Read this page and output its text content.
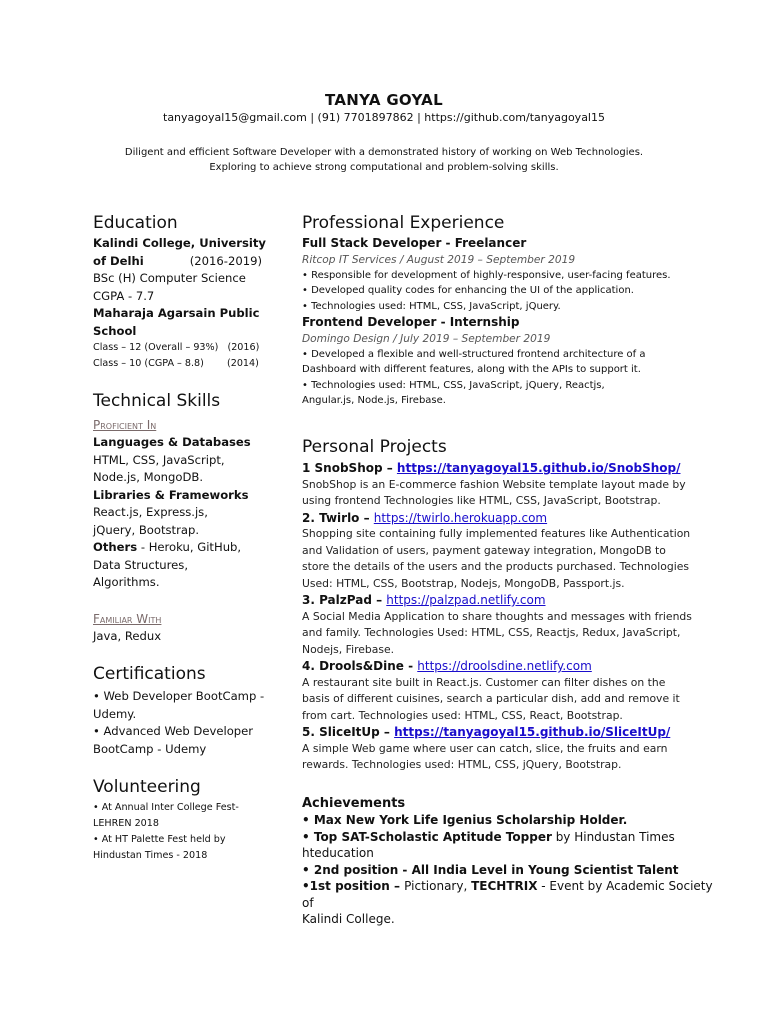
TANYA GOYAL
tanyagoyal15@gmail.com | (91) 7701897862 | https://github.com/tanyagoyal15
Diligent and efficient Software Developer with a demonstrated history of working on Web Technologies.
Exploring to achieve strong computational and problem-solving skills.
Education
Kalindi College, University
of Delhi	(2016-2019)
BSc (H) Computer Science
CGPA - 7.7
Maharaja Agarsain Public
School
Class – 12 (Overall – 93%) (2016)
Class – 10 (CGPA – 8.8) (2014)
Technical Skills
Proficient In
Languages & Databases
HTML, CSS, JavaScript,
Node.js, MongoDB.
Libraries & Frameworks
React.js, Express.js,
jQuery, Bootstrap.
Others - Heroku, GitHub,
Data Structures,
Algorithms.
Familiar With
Java, Redux
Certifications
• Web Developer BootCamp -
Udemy.
• Advanced Web Developer
BootCamp - Udemy
Volunteering
• At Annual Inter College Fest-
LEHREN 2018
• At HT Palette Fest held by
Hindustan Times - 2018
Professional Experience
Full Stack Developer - Freelancer
Ritcop IT Services / August 2019 – September 2019
• Responsible for development of highly-responsive, user-facing features.
• Developed quality codes for enhancing the UI of the application.
• Technologies used: HTML, CSS, JavaScript, jQuery.
Frontend Developer - Internship
Domingo Design / July 2019 – September 2019
• Developed a flexible and well-structured frontend architecture of a
Dashboard with different features, along with the APIs to support it.
• Technologies used: HTML, CSS, JavaScript, jQuery, Reactjs,
Angular.js, Node.js, Firebase.
Personal Projects
1 SnobShop – https://tanyagoyal15.github.io/SnobShop/
SnobShop is an E-commerce fashion Website template layout made by
using frontend Technologies like HTML, CSS, JavaScript, Bootstrap.
2. Twirlo – https://twirlo.herokuapp.com
Shopping site containing fully implemented features like Authentication
and Validation of users, payment gateway integration, MongoDB to
store the details of the users and the products purchased. Technologies
Used: HTML, CSS, Bootstrap, Nodejs, MongoDB, Passport.js.
3. PalzPad – https://palzpad.netlify.com
A Social Media Application to share thoughts and messages with friends
and family. Technologies Used: HTML, CSS, Reactjs, Redux, JavaScript,
Nodejs, Firebase.
4. Drools&Dine - https://droolsdine.netlify.com
A restaurant site built in React.js. Customer can filter dishes on the
basis of different cuisines, search a particular dish, add and remove it
from cart. Technologies used: HTML, CSS, React, Bootstrap.
5. SliceItUp – https://tanyagoyal15.github.io/SliceItUp/
A simple Web game where user can catch, slice, the fruits and earn
rewards. Technologies used: HTML, CSS, jQuery, Bootstrap.
Achievements
• Max New York Life Igenius Scholarship Holder.
• Top SAT-Scholastic Aptitude Topper by Hindustan Times hteducation
• 2nd position - All India Level in Young Scientist Talent
•1st position – Pictionary, TECHTRIX - Event by Academic Society of
Kalindi College.
